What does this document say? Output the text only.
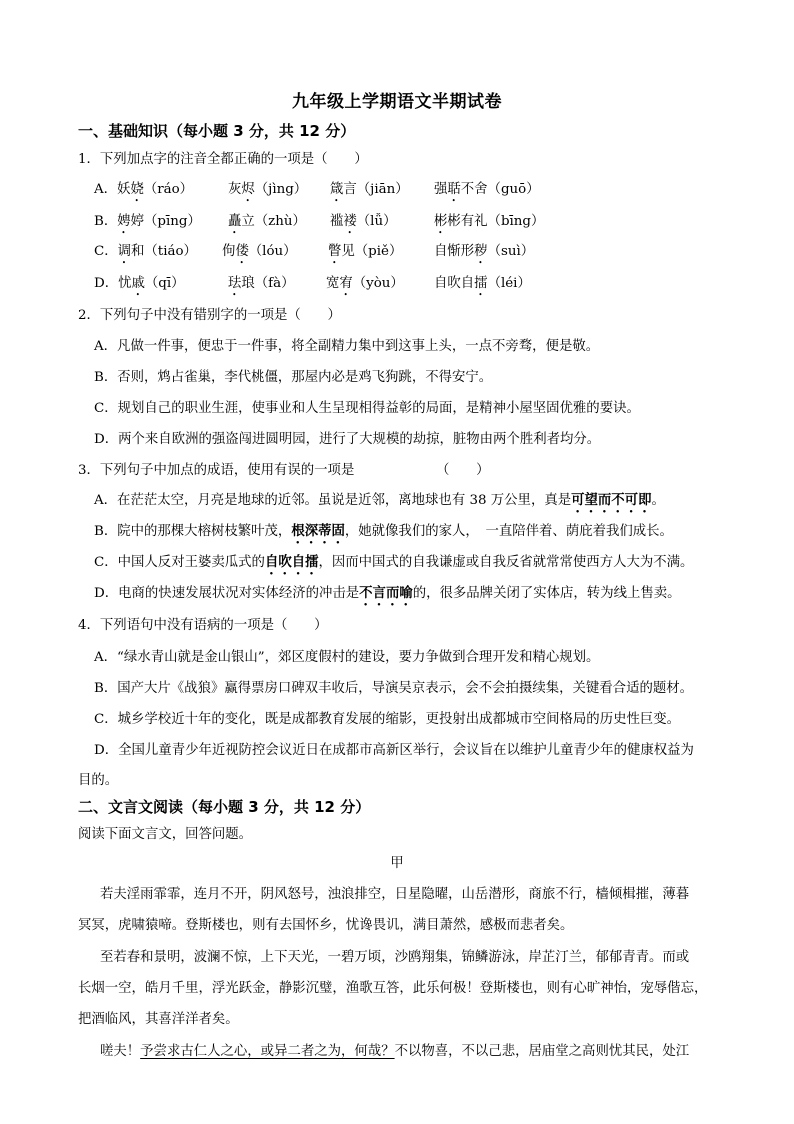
九年级上学期语文半期试卷
一、基础知识（每小题 3 分，共 12 分）
1．下列加点字的注音全都正确的一项是（　　）
A．妖娆（ráo）	灰烬（jìng） 箴言（jiān） 强聒不舍（guō）
B．娉婷（pīng） 矗立（zhù） 褴褛（lǚ）	彬彬有礼（bīng）
C．调和（tiáo） 佝偻（lóu） 瞥见（piě） 自惭形秽（suì）
D．忧戚（qī）	珐琅（fà） 宽宥（yòu） 自吹自擂（léi）
2．下列句子中没有错别字的一项是（　　）
A．凡做一件事，便忠于一件事，将全副精力集中到这事上头，一点不旁骛，便是敬。
B．否则，鸩占雀巢，李代桃僵，那屋内必是鸡飞狗跳，不得安宁。
C．规划自己的职业生涯，使事业和人生呈现相得益彰的局面，是精神小屋坚固优雅的要诀。
D．两个来自欧洲的强盗闯进圆明园，进行了大规模的劫掠，脏物由两个胜利者均分。
3．下列句子中加点的成语，使用有误的一项是	（　　）
A．在茫茫太空，月亮是地球的近邻。虽说是近邻，离地球也有 38 万公里，真是可望而不可即。
B．院中的那棵大榕树枝繁叶茂，根深蒂固，她就像我们的家人，　一直陪伴着、荫庇着我们成长。
C．中国人反对王婆卖瓜式的自吹自擂，因而中国式的自我谦虚或自我反省就常常使西方人大为不满。
D．电商的快速发展状况对实体经济的冲击是不言而喻的，很多品牌关闭了实体店，转为线上售卖。
4．下列语句中没有语病的一项是（　　）
A．“绿水青山就是金山银山”，郊区度假村的建设，要力争做到合理开发和精心规划。
B．国产大片《战狼》赢得票房口碑双丰收后，导演吴京表示，会不会拍摄续集，关键看合适的题材。
C．城乡学校近十年的变化，既是成都教育发展的缩影，更投射出成都城市空间格局的历史性巨变。
D．全国儿童青少年近视防控会议近日在成都市高新区举行，会议旨在以维护儿童青少年的健康权益为
目的。
二、文言文阅读（每小题 3 分，共 12 分）
阅读下面文言文，回答问题。
甲
若夫淫雨霏霏，连月不开，阴风怒号，浊浪排空，日星隐曜，山岳潜形，商旅不行，樯倾楫摧，薄暮
冥冥，虎啸猿啼。登斯楼也，则有去国怀乡，忧谗畏讥，满目萧然，感极而悲者矣。
至若春和景明，波澜不惊，上下天光，一碧万顷，沙鸥翔集，锦鳞游泳，岸芷汀兰，郁郁青青。而或
长烟一空，皓月千里，浮光跃金，静影沉璧，渔歌互答，此乐何极！登斯楼也，则有心旷神怡，宠辱偕忘，
把酒临风，其喜洋洋者矣。
嗟夫！予尝求古仁人之心，或异二者之为，何哉？不以物喜，不以己悲，居庙堂之高则忧其民，处江
